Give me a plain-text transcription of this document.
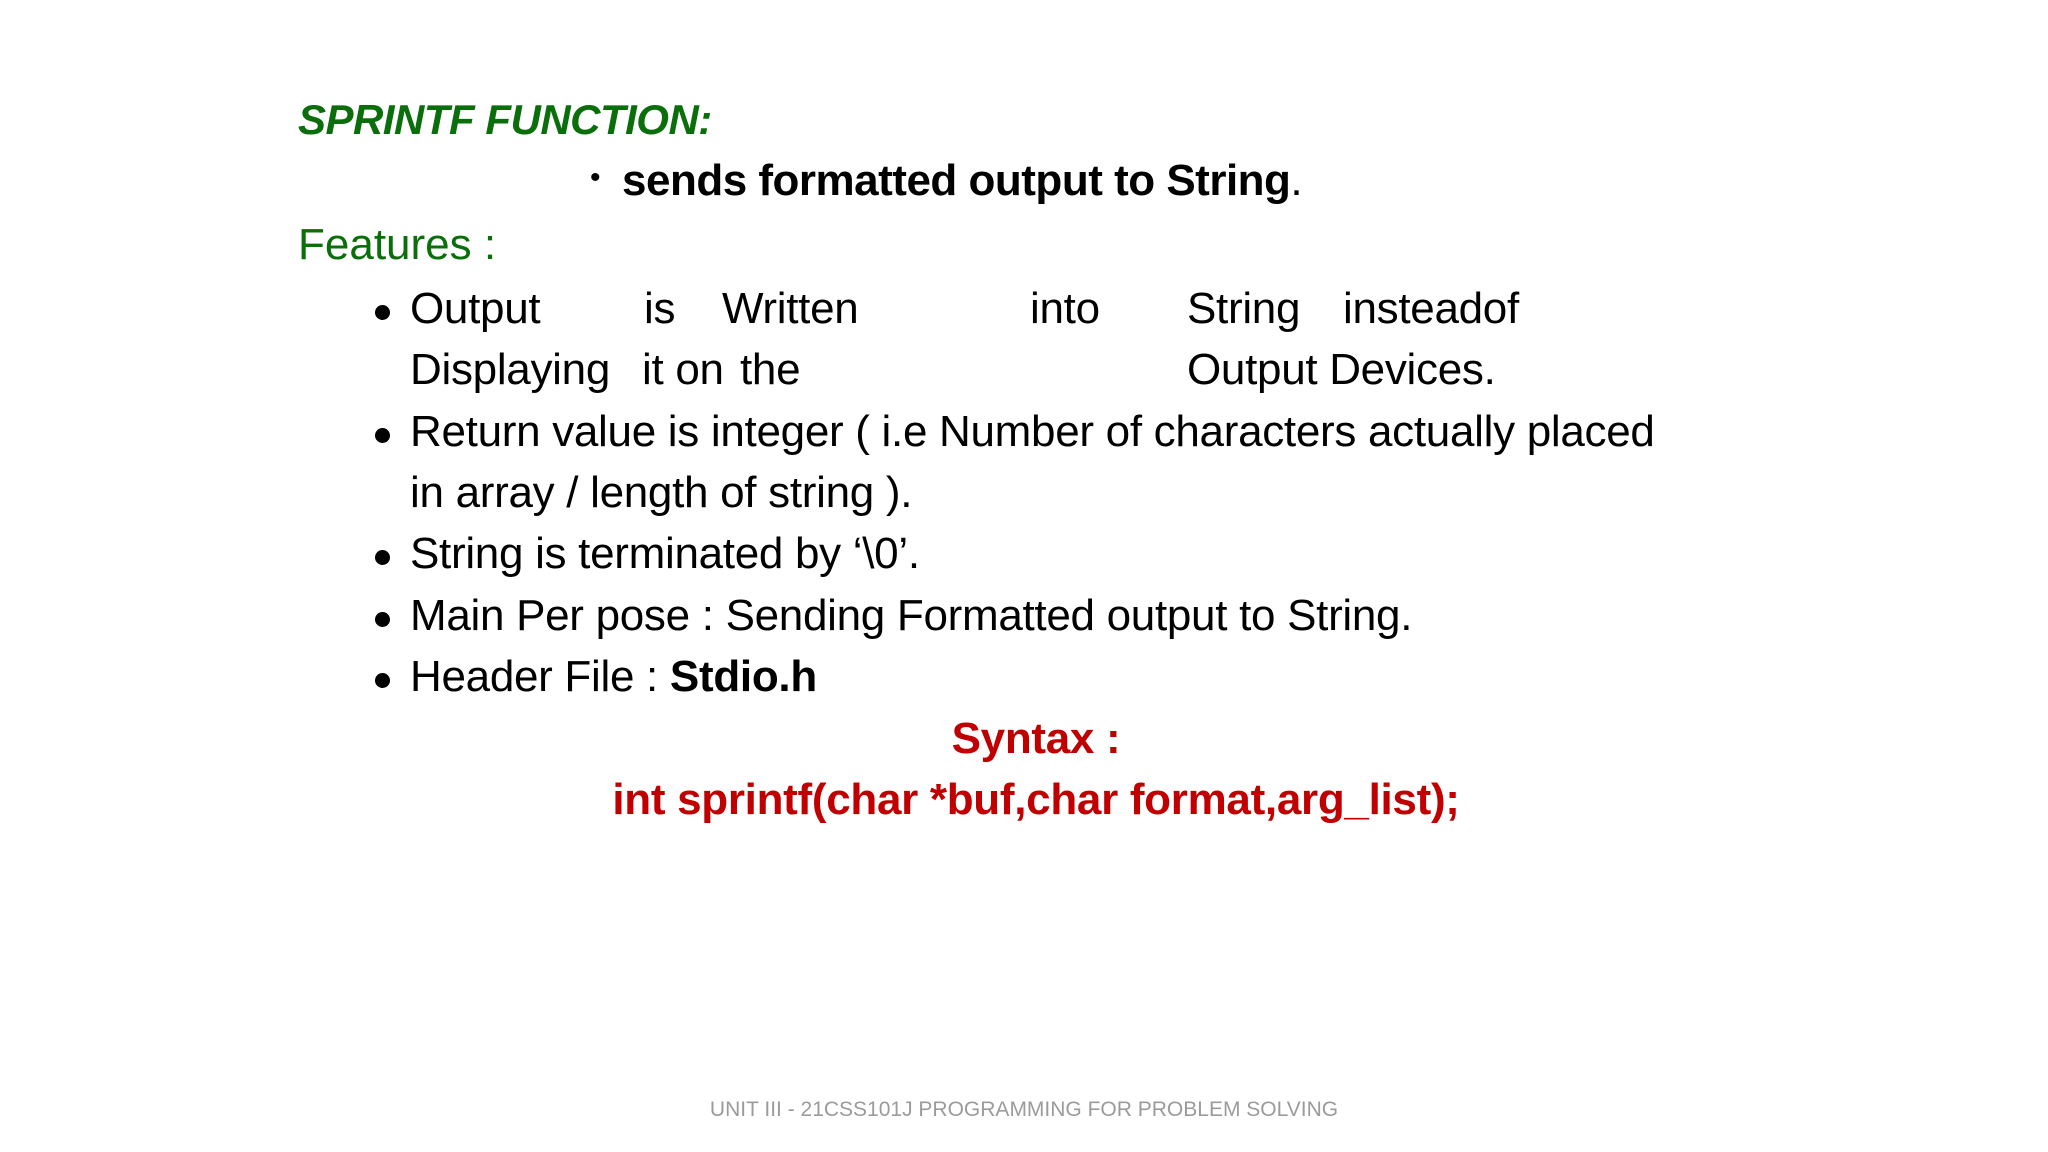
SPRINTF FUNCTION:
• sends formatted output to String.
Features :
Output is Written	into String insteadof
Displaying it on the	Output Devices.
Return value is integer ( i.e Number of characters actually placed
in array / length of string ).
String is terminated by ‘\0’.
Main Per pose : Sending Formatted output to String.
Header File : Stdio.h
Syntax :
int sprintf(char *buf,char format,arg_list);
UNIT III - 21CSS101J PROGRAMMING FOR PROBLEM SOLVING
